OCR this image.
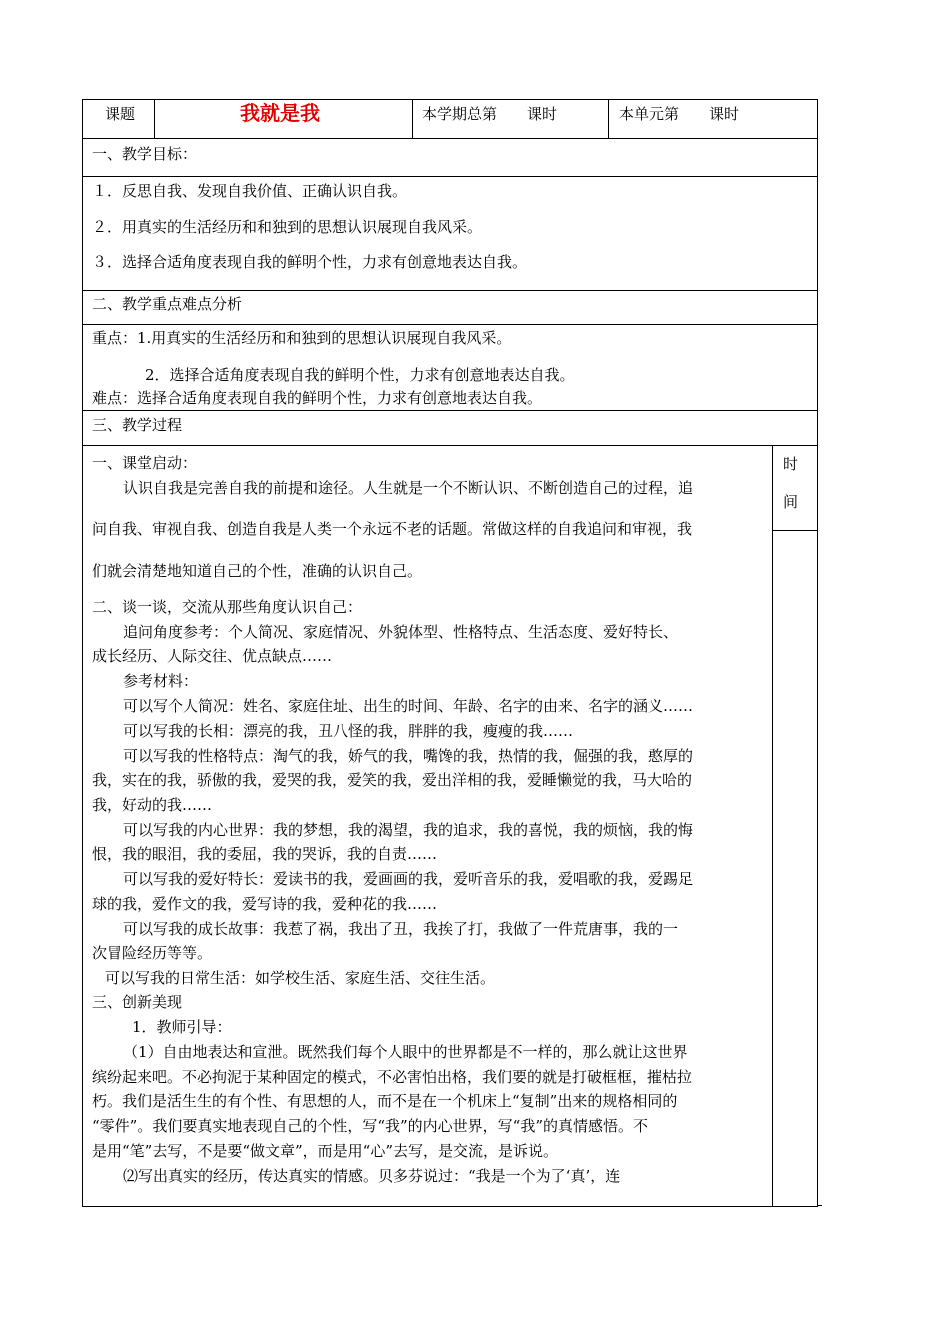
课题	我就是我	本学期总第　　课时	本单元第　　课时
一、教学目标：
１．反思自我、发现自我价值、正确认识自我。
２．用真实的生活经历和和独到的思想认识展现自我风采。
３．选择合适角度表现自我的鲜明个性，力求有创意地表达自我。
二、教学重点难点分析
重点：1.用真实的生活经历和和独到的思想认识展现自我风采。
2．选择合适角度表现自我的鲜明个性，力求有创意地表达自我。
难点：选择合适角度表现自我的鲜明个性，力求有创意地表达自我。
三、教学过程
一、课堂启动：
认识自我是完善自我的前提和途径。人生就是一个不断认识、不断创造自己的过程，追
问自我、审视自我、创造自我是人类一个永远不老的话题。常做这样的自我追问和审视，我
们就会清楚地知道自己的个性，准确的认识自己。
二、谈一谈，交流从那些角度认识自己：
追问角度参考：个人简况、家庭情况、外貌体型、性格特点、生活态度、爱好特长、
成长经历、人际交往、优点缺点……
参考材料：
可以写个人简况：姓名、家庭住址、出生的时间、年龄、名字的由来、名字的涵义……
可以写我的长相：漂亮的我，丑八怪的我，胖胖的我，瘦瘦的我……
可以写我的性格特点：淘气的我，娇气的我，嘴馋的我，热情的我，倔强的我，憨厚的
我，实在的我，骄傲的我，爱哭的我，爱笑的我，爱出洋相的我，爱睡懒觉的我，马大哈的
我，好动的我……
可以写我的内心世界：我的梦想，我的渴望，我的追求，我的喜悦，我的烦恼，我的悔
恨，我的眼泪，我的委屈，我的哭诉，我的自责……
可以写我的爱好特长：爱读书的我，爱画画的我，爱听音乐的我，爱唱歌的我，爱踢足
球的我，爱作文的我，爱写诗的我，爱种花的我……
可以写我的成长故事：我惹了祸，我出了丑，我挨了打，我做了一件荒唐事，我的一
次冒险经历等等。
可以写我的日常生活：如学校生活、家庭生活、交往生活。
三、创新美现
1．教师引导：
（1）自由地表达和宣泄。既然我们每个人眼中的世界都是不一样的，那么就让这世界
缤纷起来吧。不必拘泥于某种固定的模式，不必害怕出格，我们要的就是打破框框，摧枯拉
朽。我们是活生生的有个性、有思想的人，而不是在一个机床上“复制”出来的规格相同的
“零件”。我们要真实地表现自己的个性，写“我”的内心世界，写“我”的真情感悟。不
是用“笔”去写，不是要“做文章”，而是用“心”去写，是交流，是诉说。
⑵写出真实的经历，传达真实的情感。贝多芬说过：“我是一个为了‘真’，连
时
间
